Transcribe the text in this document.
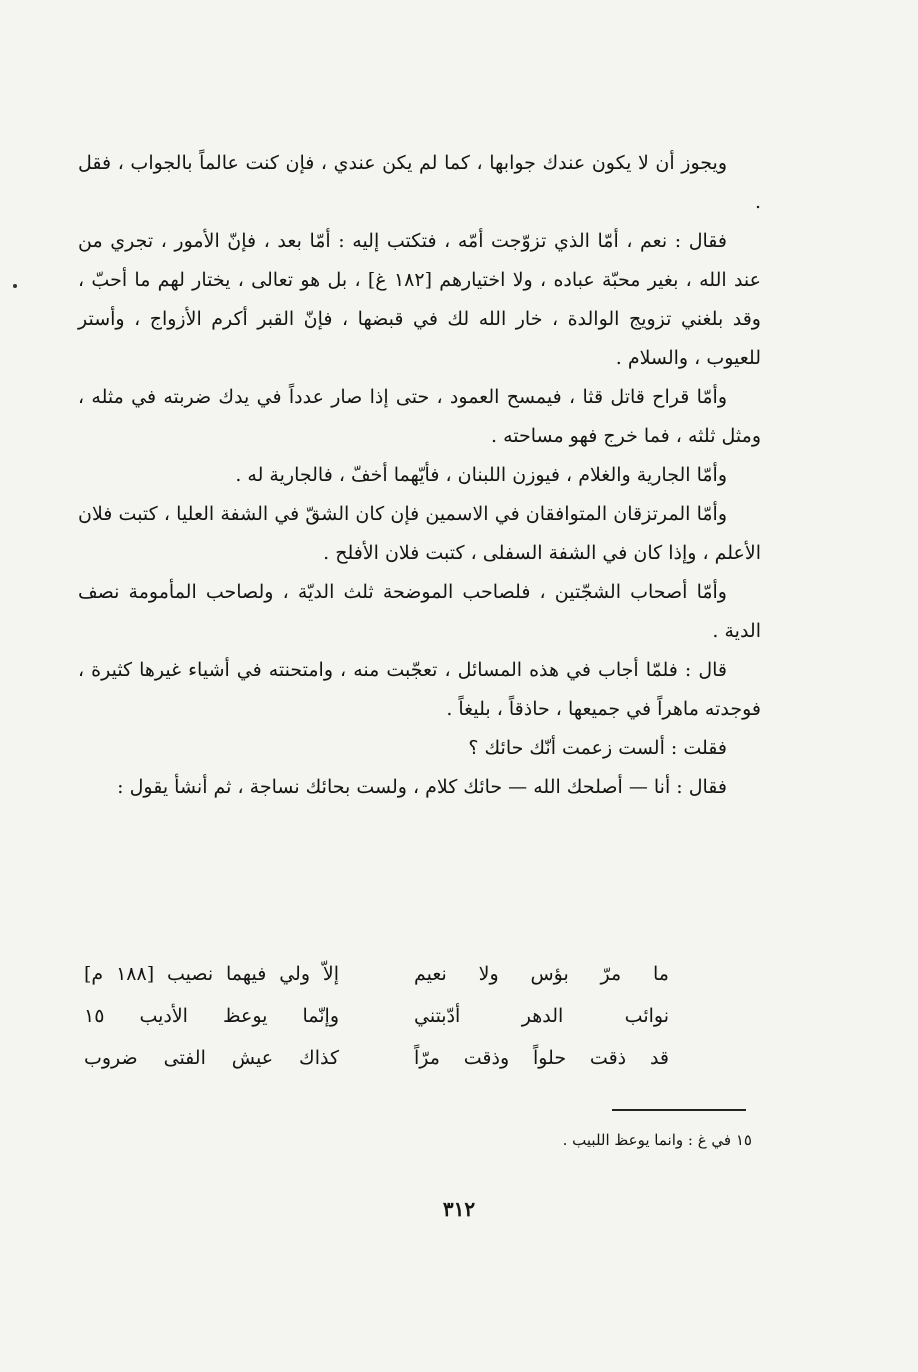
ويجوز أن لا يكون عندك جوابها ، كما لم يكن عندي ، فإن كنت عالماً بالجواب ، فقل .

فقال : نعم ، أمّا الذي تزوّجت أمّه ، فتكتب إليه : أمّا بعد ، فإنّ الأمور ، تجري من عند الله ، بغير محبّة عباده ، ولا اختيارهم [١٨٢ غ] ، بل هو تعالى ، يختار لهم ما أحبّ ، وقد بلغني تزويج الوالدة ، خار الله لك في قبضها ، فإنّ القبر أكرم الأزواج ، وأستر للعيوب ، والسلام .

وأمّا قراح قاتل قثا ، فيمسح العمود ، حتى إذا صار عدداً في يدك ضربته في مثله ، ومثل ثلثه ، فما خرج فهو مساحته .

وأمّا الجارية والغلام ، فيوزن اللبنان ، فأيّهما أخفّ ، فالجارية له .

وأمّا المرتزقان المتوافقان في الاسمين فإن كان الشقّ في الشفة العليا ، كتبت فلان الأعلم ، وإذا كان في الشفة السفلى ، كتبت فلان الأفلح .

وأمّا أصحاب الشجّتين ، فلصاحب الموضحة ثلث الديّة ، ولصاحب المأمومة نصف الدية .

قال : فلمّا أجاب في هذه المسائل ، تعجّبت منه ، وامتحنته في أشياء غيرها كثيرة ، فوجدته ماهراً في جميعها ، حاذقاً ، بليغاً .

فقلت : ألست زعمت أنّك حائك ؟

فقال : أنا — أصلحك الله — حائك كلام ، ولست بحائك نساجة ، ثم أنشأ يقول :

ما مرّ بؤس ولا نعيم
إلاّ ولي فيهما نصيب [١٨٨ م]
نوائب الدهر أدّبتني
وإنّما يوعظ الأديب ١٥
قد ذقت حلواً وذقت مرّاً
كذاك عيش الفتى ضروب
١٥ في غ : وانما يوعظ اللبيب .
٣١٢
